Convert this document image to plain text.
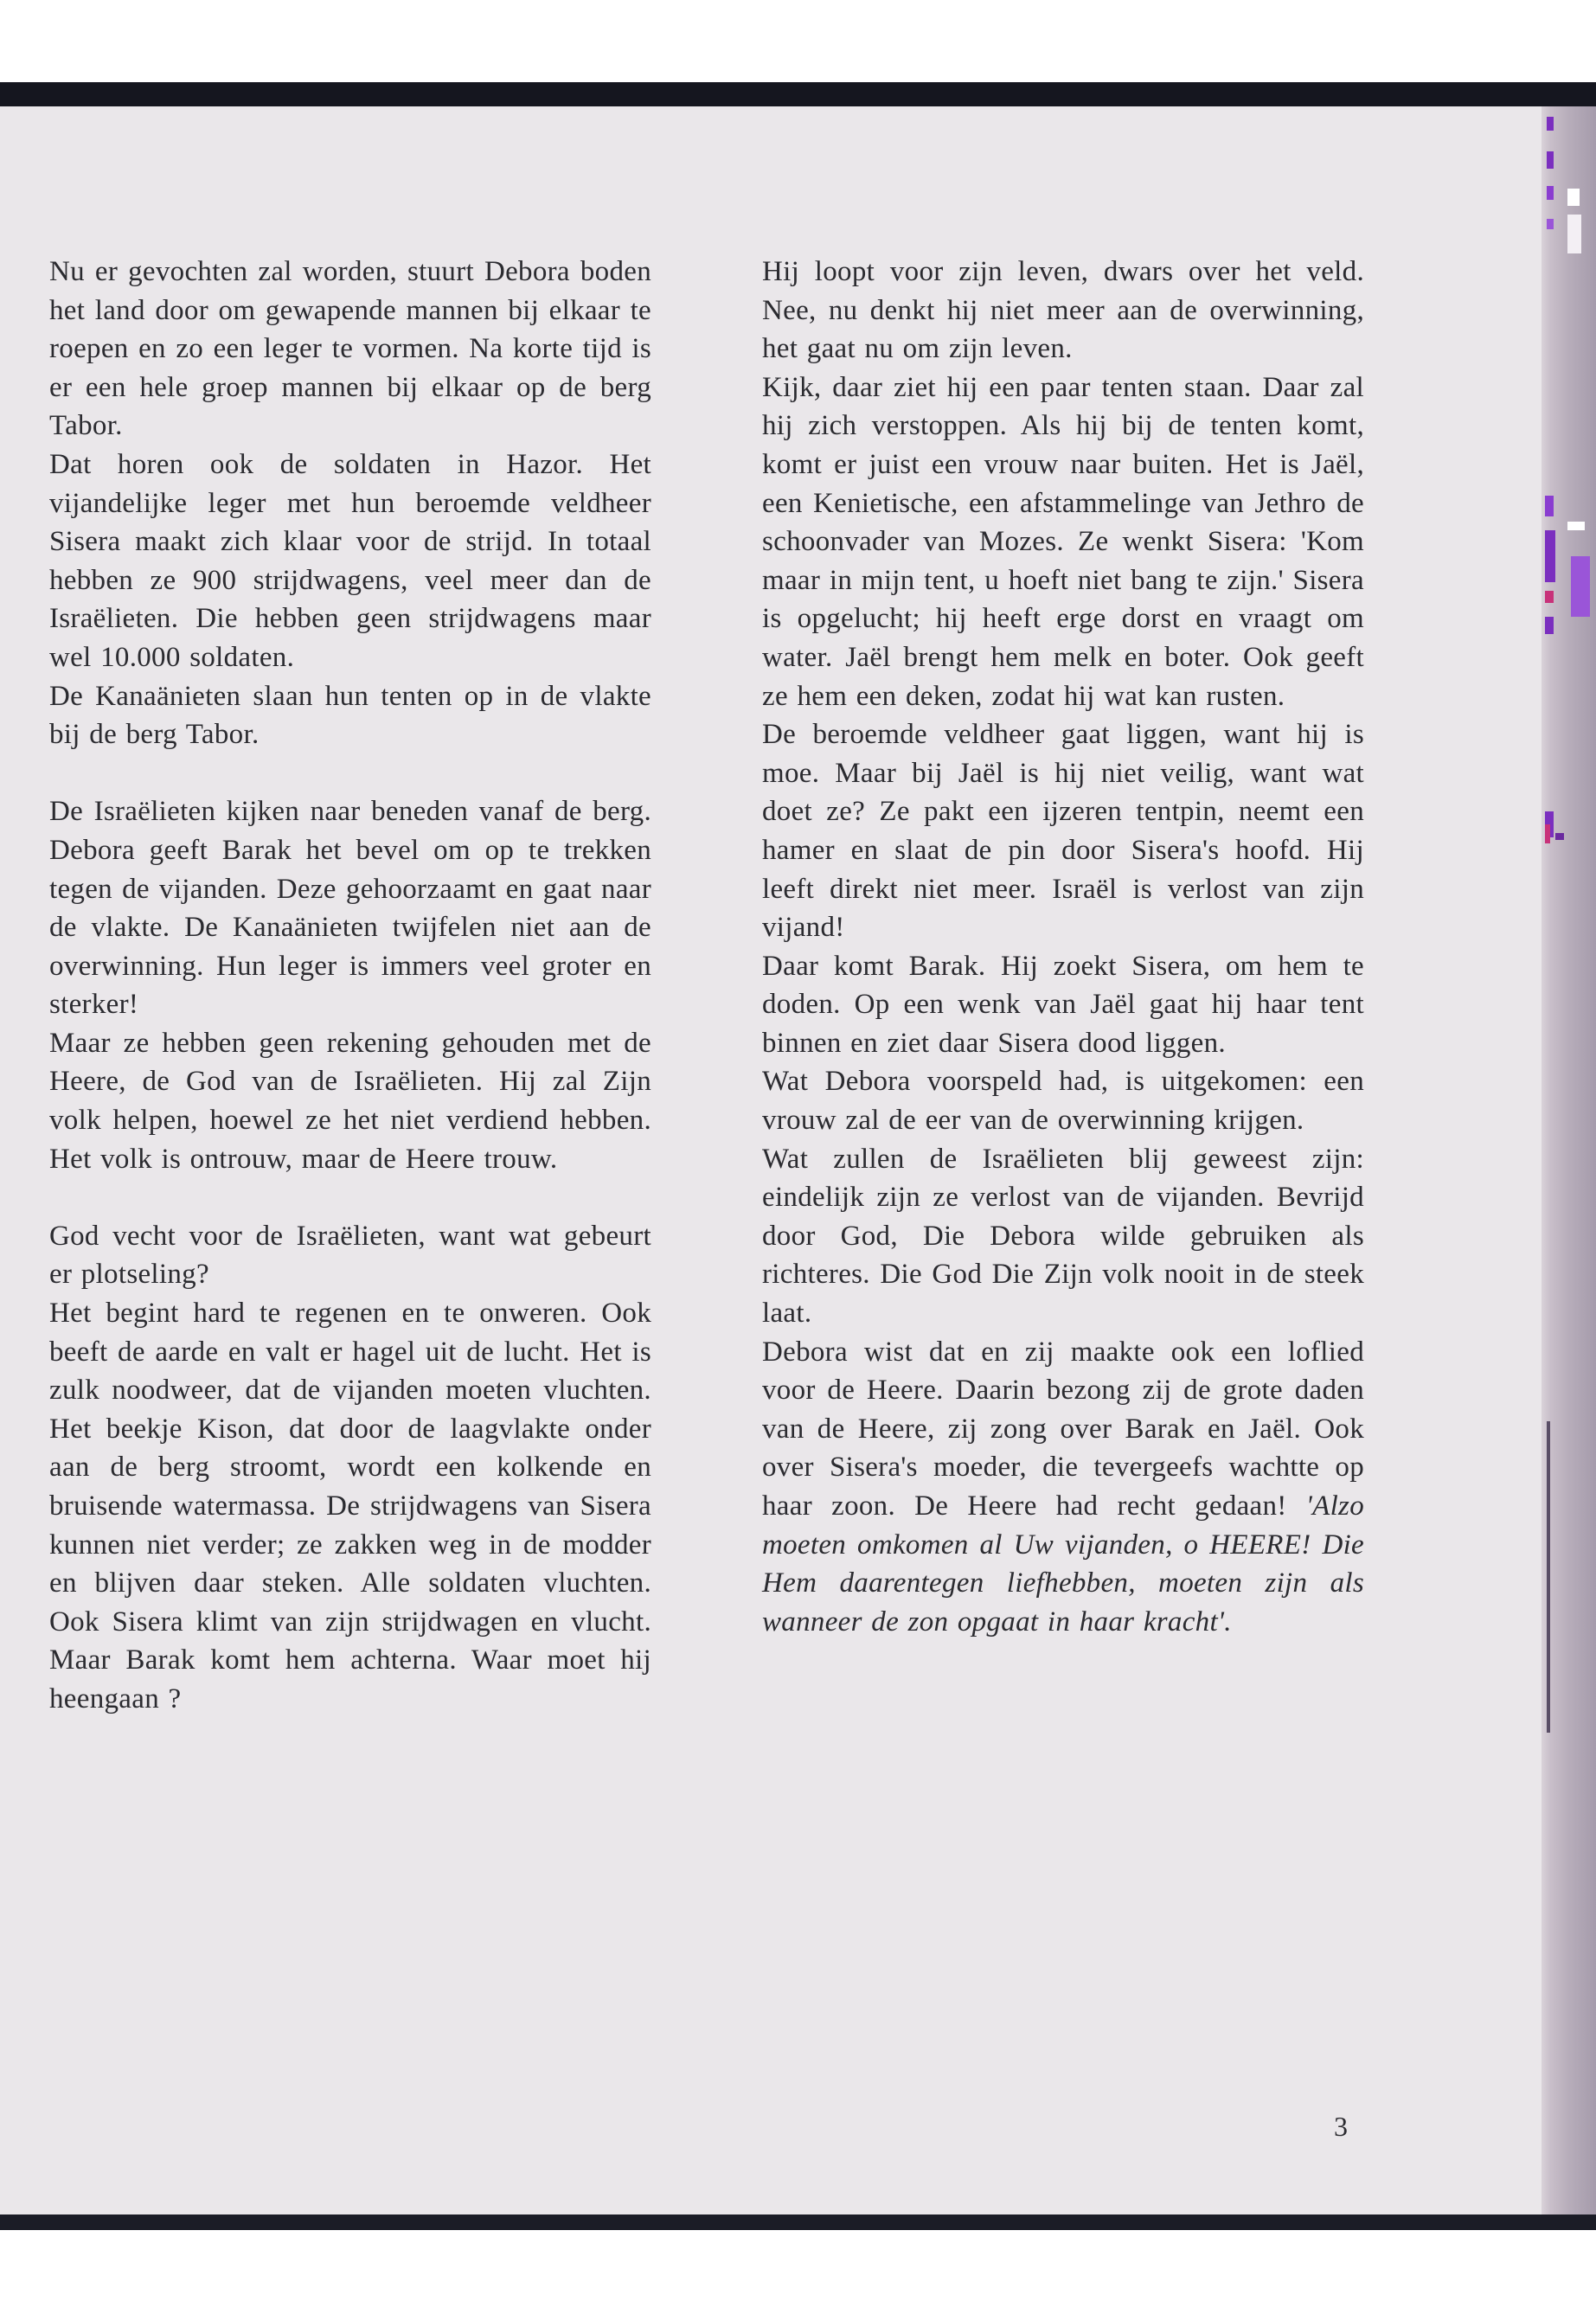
Nu er gevochten zal worden, stuurt Debora boden het land door om gewapende mannen bij elkaar te roepen en zo een leger te vormen. Na korte tijd is er een hele groep mannen bij elkaar op de berg Tabor.

Dat horen ook de soldaten in Hazor. Het vijandelijke leger met hun beroemde veldheer Sisera maakt zich klaar voor de strijd. In totaal hebben ze 900 strijdwagens, veel meer dan de Israëlieten. Die hebben geen strijdwagens maar wel 10.000 soldaten.

De Kanaänieten slaan hun tenten op in de vlakte bij de berg Tabor.

De Israëlieten kijken naar beneden vanaf de berg. Debora geeft Barak het bevel om op te trekken tegen de vijanden. Deze gehoorzaamt en gaat naar de vlakte. De Kanaänieten twijfelen niet aan de overwinning. Hun leger is immers veel groter en sterker!

Maar ze hebben geen rekening gehouden met de Heere, de God van de Israëlieten. Hij zal Zijn volk helpen, hoewel ze het niet verdiend hebben. Het volk is ontrouw, maar de Heere trouw.

God vecht voor de Israëlieten, want wat gebeurt er plotseling?

Het begint hard te regenen en te onweren. Ook beeft de aarde en valt er hagel uit de lucht. Het is zulk noodweer, dat de vijanden moeten vluchten. Het beekje Kison, dat door de laagvlakte onder aan de berg stroomt, wordt een kolkende en bruisende watermassa. De strijdwagens van Sisera kunnen niet verder; ze zakken weg in de modder en blijven daar steken. Alle soldaten vluchten. Ook Sisera klimt van zijn strijdwagen en vlucht. Maar Barak komt hem achterna. Waar moet hij heengaan ?

Hij loopt voor zijn leven, dwars over het veld. Nee, nu denkt hij niet meer aan de overwinning, het gaat nu om zijn leven.

Kijk, daar ziet hij een paar tenten staan. Daar zal hij zich verstoppen. Als hij bij de tenten komt, komt er juist een vrouw naar buiten. Het is Jaël, een Kenietische, een afstammelinge van Jethro de schoonvader van Mozes. Ze wenkt Sisera: 'Kom maar in mijn tent, u hoeft niet bang te zijn.' Sisera is opgelucht; hij heeft erge dorst en vraagt om water. Jaël brengt hem melk en boter. Ook geeft ze hem een deken, zodat hij wat kan rusten.

De beroemde veldheer gaat liggen, want hij is moe. Maar bij Jaël is hij niet veilig, want wat doet ze? Ze pakt een ijzeren tentpin, neemt een hamer en slaat de pin door Sisera's hoofd. Hij leeft direkt niet meer. Israël is verlost van zijn vijand!

Daar komt Barak. Hij zoekt Sisera, om hem te doden. Op een wenk van Jaël gaat hij haar tent binnen en ziet daar Sisera dood liggen.

Wat Debora voorspeld had, is uitgekomen: een vrouw zal de eer van de overwinning krijgen.

Wat zullen de Israëlieten blij geweest zijn: eindelijk zijn ze verlost van de vijanden. Bevrijd door God, Die Debora wilde gebruiken als richteres. Die God Die Zijn volk nooit in de steek laat.

Debora wist dat en zij maakte ook een loflied voor de Heere. Daarin bezong zij de grote daden van de Heere, zij zong over Barak en Jaël. Ook over Sisera's moeder, die tevergeefs wachtte op haar zoon. De Heere had recht gedaan! 'Alzo moeten omkomen al Uw vijanden, o HEERE! Die Hem daarentegen liefhebben, moeten zijn als wanneer de zon opgaat in haar kracht'.

3
